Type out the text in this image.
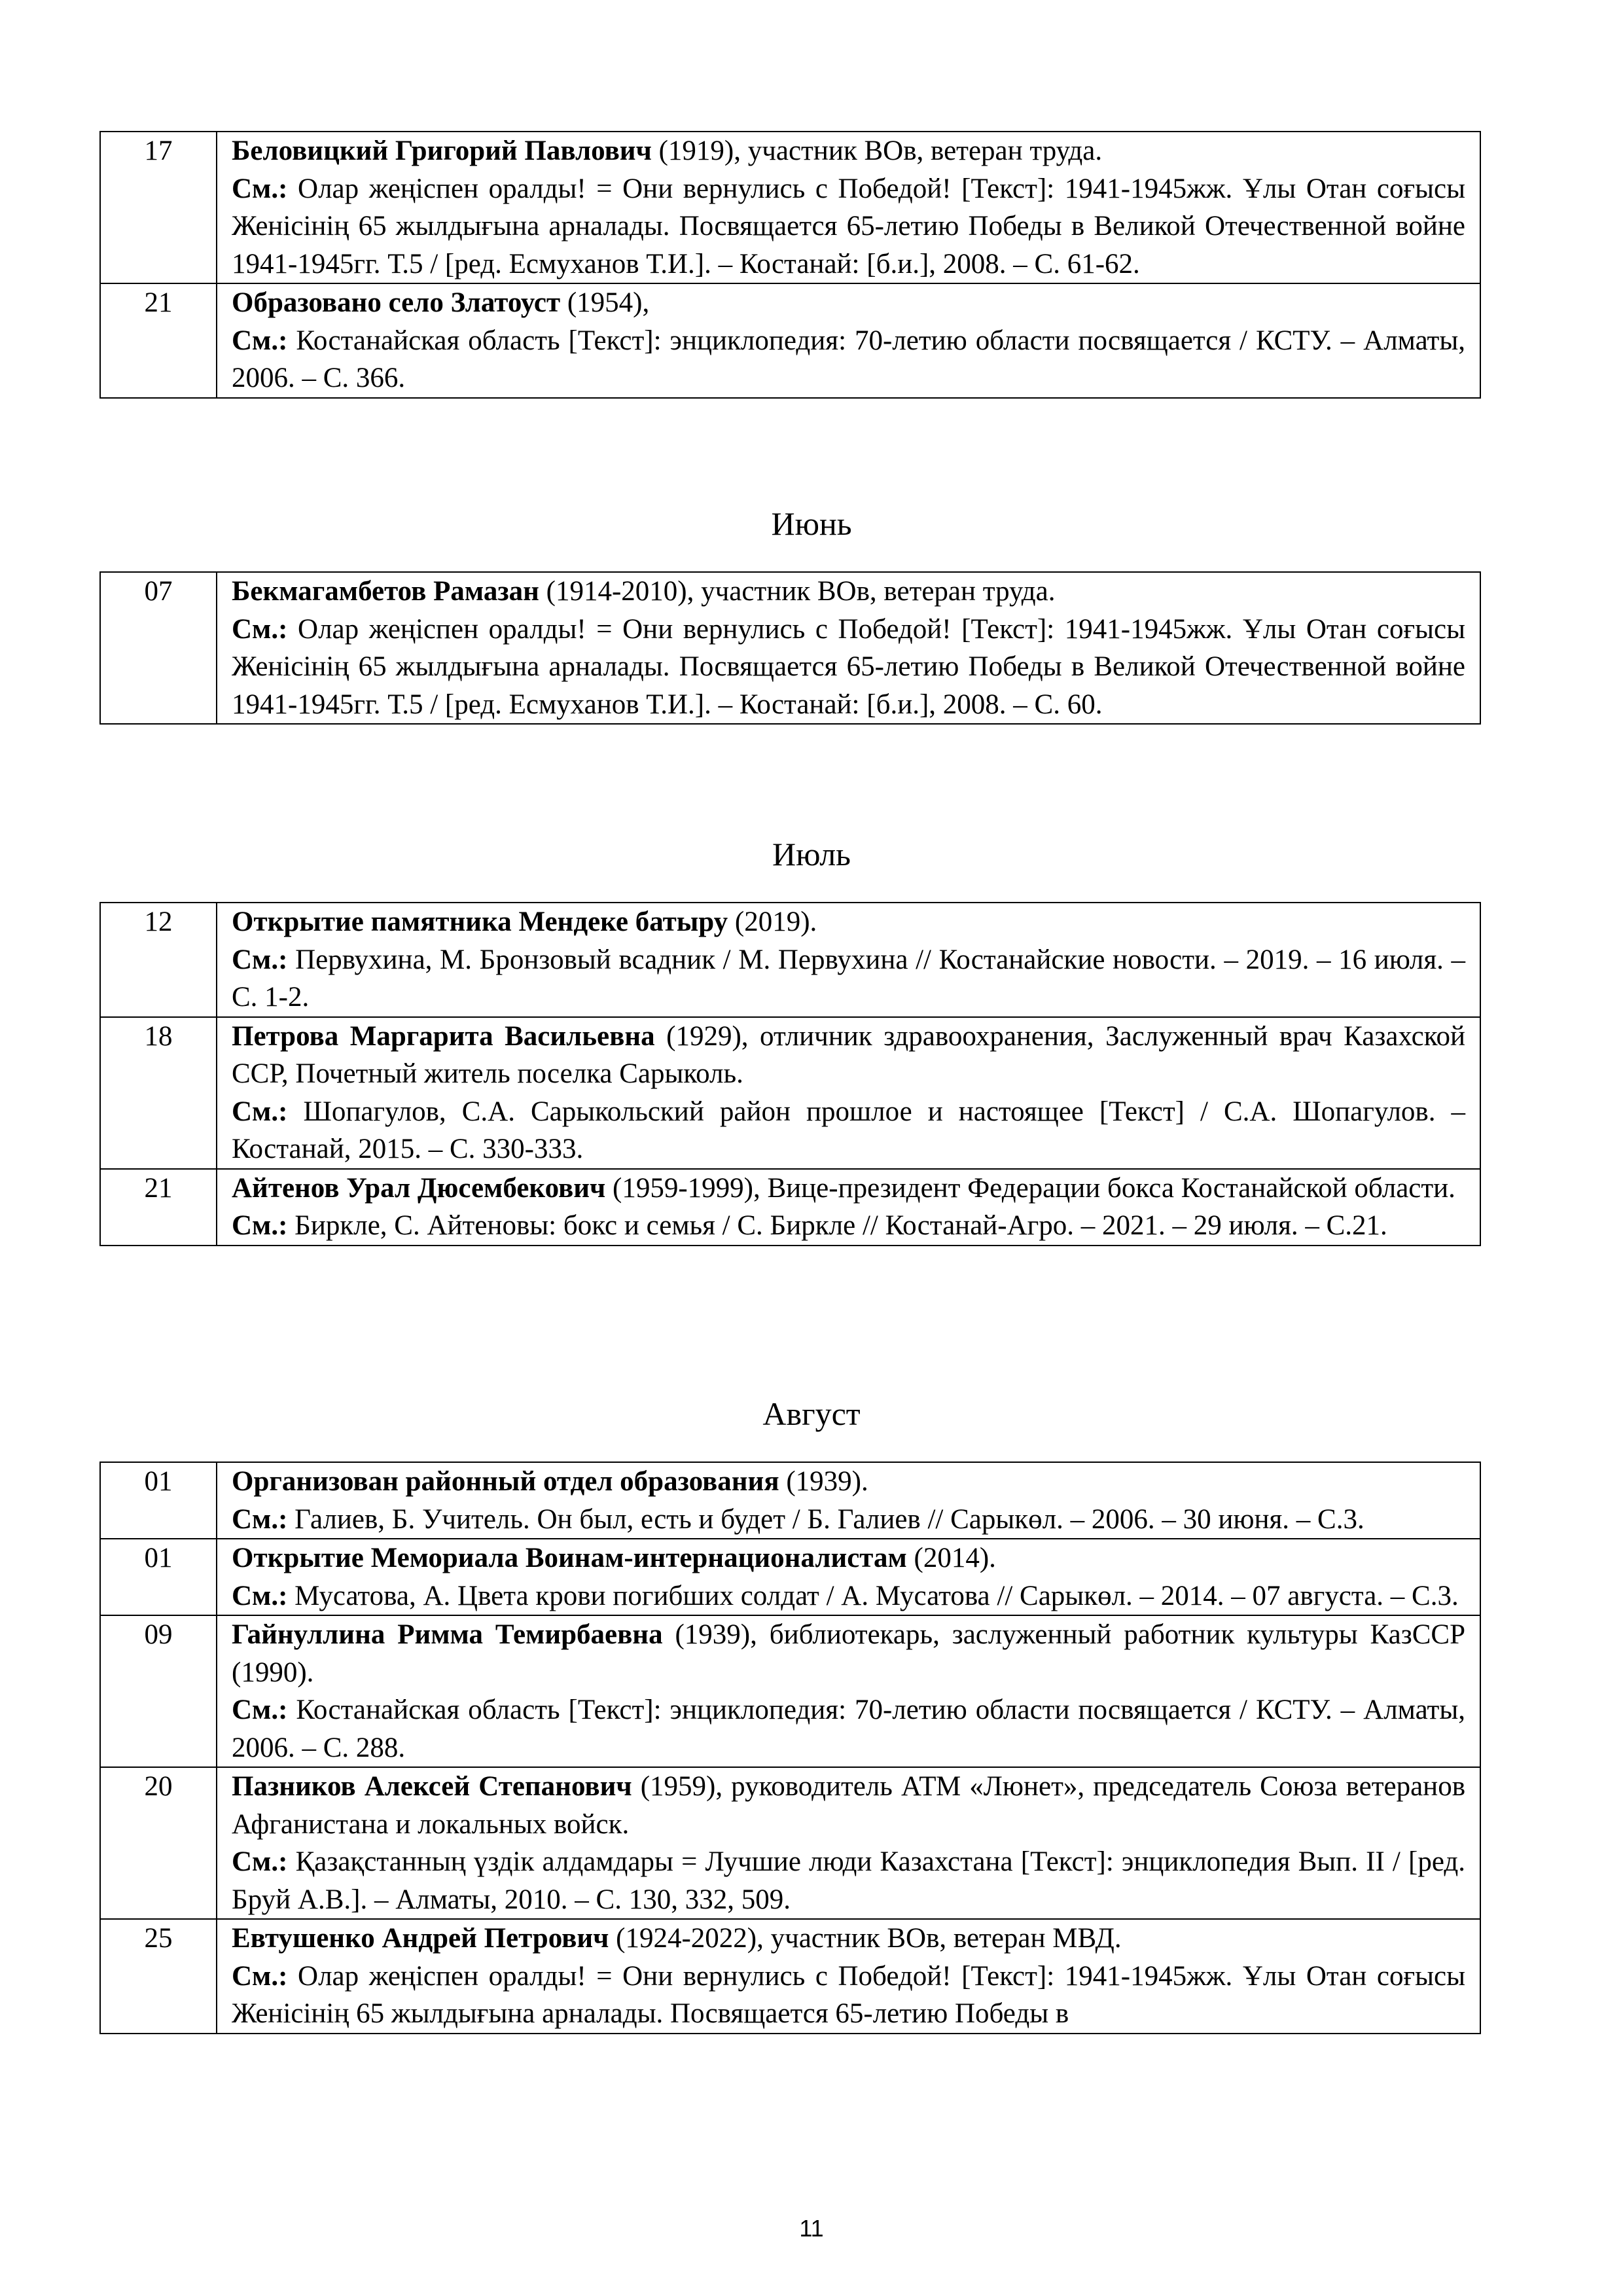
17	Беловицкий Григорий Павлович (1919), участник ВОв, ветеран труда.
См.: Олар жеңіспен оралды! = Они вернулись с Победой! [Текст]: 1941-1945жж. Ұлы Отан соғысы Женісінің 65 жылдығына арналады. Посвящается 65-летию Победы в Великой Отечественной войне 1941-1945гг. Т.5 / [ред. Есмуханов Т.И.]. – Костанай: [б.и.], 2008. – С. 61-62.

21	Образовано село Златоуст (1954),
См.: Костанайская область [Текст]: энциклопедия: 70-летию области посвящается / КСТУ. – Алматы, 2006. – С. 366.
Июнь
07	Бекмагамбетов Рамазан (1914-2010), участник ВОв, ветеран труда.
См.: Олар жеңіспен оралды! = Они вернулись с Победой! [Текст]: 1941-1945жж. Ұлы Отан соғысы Женісінің 65 жылдығына арналады. Посвящается 65-летию Победы в Великой Отечественной войне 1941-1945гг. Т.5 / [ред. Есмуханов Т.И.]. – Костанай: [б.и.], 2008. – С. 60.
Июль
12	Открытие памятника Мендеке батыру (2019).
См.: Первухина, М. Бронзовый всадник / М. Первухина // Костанайские новости. – 2019. – 16 июля. – С. 1-2.

18	Петрова Маргарита Васильевна (1929), отличник здравоохранения, Заслуженный врач Казахской ССР, Почетный житель поселка Сарыколь.
См.: Шопагулов, С.А. Сарыкольский район прошлое и настоящее [Текст] / С.А. Шопагулов. – Костанай, 2015. – С. 330-333.

21	Айтенов Урал Дюсембекович (1959-1999), Вице-президент Федерации бокса Костанайской области.
См.: Биркле, С. Айтеновы: бокс и семья / С. Биркле // Костанай-Агро. – 2021. – 29 июля. – С.21.
Август
01	Организован районный отдел образования (1939).
См.: Галиев, Б. Учитель. Он был, есть и будет / Б. Галиев // Сарыкөл. – 2006. – 30 июня. – С.3.

01	Открытие Мемориала Воинам-интернационалистам (2014).
См.: Мусатова, А. Цвета крови погибших солдат / А. Мусатова // Сарыкөл. – 2014. – 07 августа. – С.3.

09	Гайнуллина Римма Темирбаевна (1939), библиотекарь, заслуженный работник культуры КазССР (1990).
См.: Костанайская область [Текст]: энциклопедия: 70-летию области посвящается / КСТУ. – Алматы, 2006. – С. 288.

20	Пазников Алексей Степанович (1959), руководитель АТМ «Люнет», председатель Союза ветеранов Афганистана и локальных войск.
См.: Қазақстанның үздік алдамдары = Лучшие люди Казахстана [Текст]: энциклопедия Вып. II / [ред. Бруй А.В.]. – Алматы, 2010. – С. 130, 332, 509.

25	Евтушенко Андрей Петрович (1924-2022), участник ВОв, ветеран МВД.
См.: Олар жеңіспен оралды! = Они вернулись с Победой! [Текст]: 1941-1945жж. Ұлы Отан соғысы Женісінің 65 жылдығына арналады. Посвящается 65-летию Победы в
11
